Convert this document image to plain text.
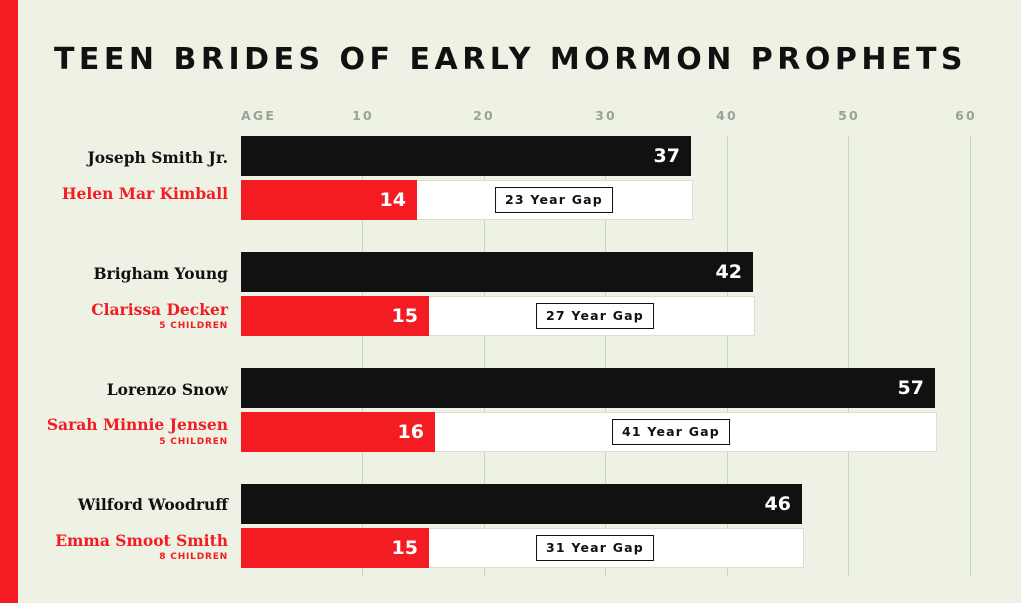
TEEN BRIDES OF EARLY MORMON PROPHETS
AGE	10	20	30	40	50	60
37
14	23 Year Gap
42
15	27 Year Gap
57
16	41 Year Gap
46
15	31 Year Gap
Joseph Smith Jr.
Helen Mar Kimball
Brigham Young
Clarissa Decker
5 CHILDREN
Lorenzo Snow
Sarah Minnie Jensen
5 CHILDREN
Wilford Woodruff
Emma Smoot Smith
8 CHILDREN
